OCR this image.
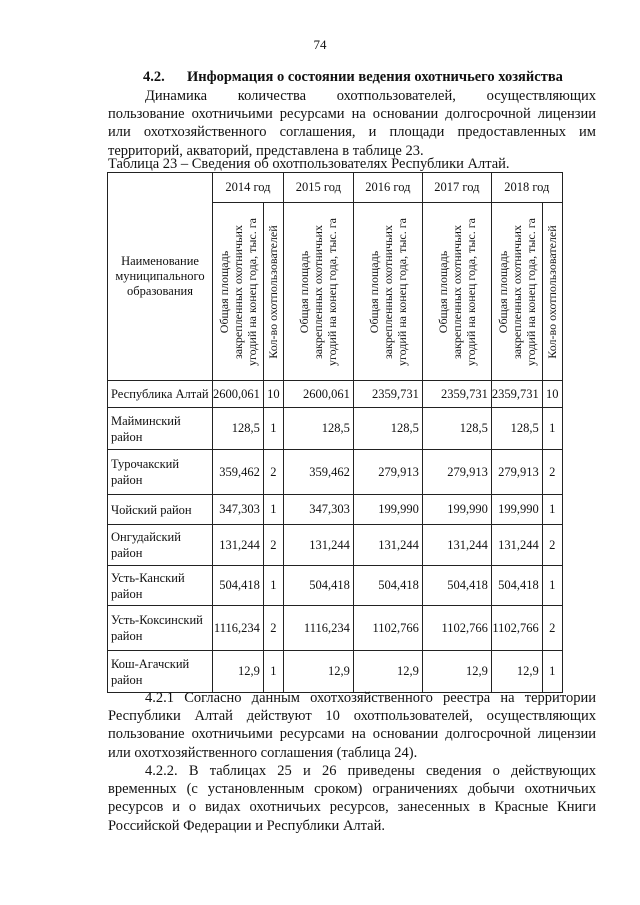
74
4.2. Информация о состоянии ведения охотничьего хозяйства
Динамика количества охотпользователей, осуществляющих
пользование охотничьими ресурсами на основании долгосрочной лицензии
или охотхозяйственного соглашения, и площади предоставленных им
территорий, акваторий, представлена в таблице 23.
Таблица 23 – Сведения об охотпользователях Республики Алтай.
Наименование муниципального образования	2014 год		2015 год	2016 год	2017 год	2018 год	

	Общая площадь
закрепленных охотничьих
угодий на конец года, тыс. га	Кол-во охотпользователей	Общая площадь
закрепленных охотничьих
угодий на конец года, тыс. га	Общая площадь
закрепленных охотничьих
угодий на конец года, тыс. га	Общая площадь
закрепленных охотничьих
угодий на конец года, тыс. га	Общая площадь
закрепленных охотничьих
угодий на конец года, тыс. га	Кол-во охотпользователей

Республика Алтай	2600,061	10	2600,061	2359,731	2359,731	2359,731	10
Майминский район	128,5	1	128,5	128,5	128,5	128,5	1
Турочакский район	359,462	2	359,462	279,913	279,913	279,913	2
Чойский район	347,303	1	347,303	199,990	199,990	199,990	1
Онгудайский район	131,244	2	131,244	131,244	131,244	131,244	2
Усть-Канский район	504,418	1	504,418	504,418	504,418	504,418	1
Усть-Коксинский район	1116,234	2	1116,234	1102,766	1102,766	1102,766	2
Кош-Агачский район	12,9	1	12,9	12,9	12,9	12,9	1
4.2.1 Согласно данным охотхозяйственного реестра на территории
Республики Алтай действуют 10 охотпользователей, осуществляющих
пользование охотничьими ресурсами на основании долгосрочной лицензии
или охотхозяйственного соглашения (таблица 24).
4.2.2. В таблицах 25 и 26 приведены сведения о действующих
временных (с установленным сроком) ограничениях добычи охотничьих
ресурсов и о видах охотничьих ресурсов, занесенных в Красные Книги
Российской Федерации и Республики Алтай.
